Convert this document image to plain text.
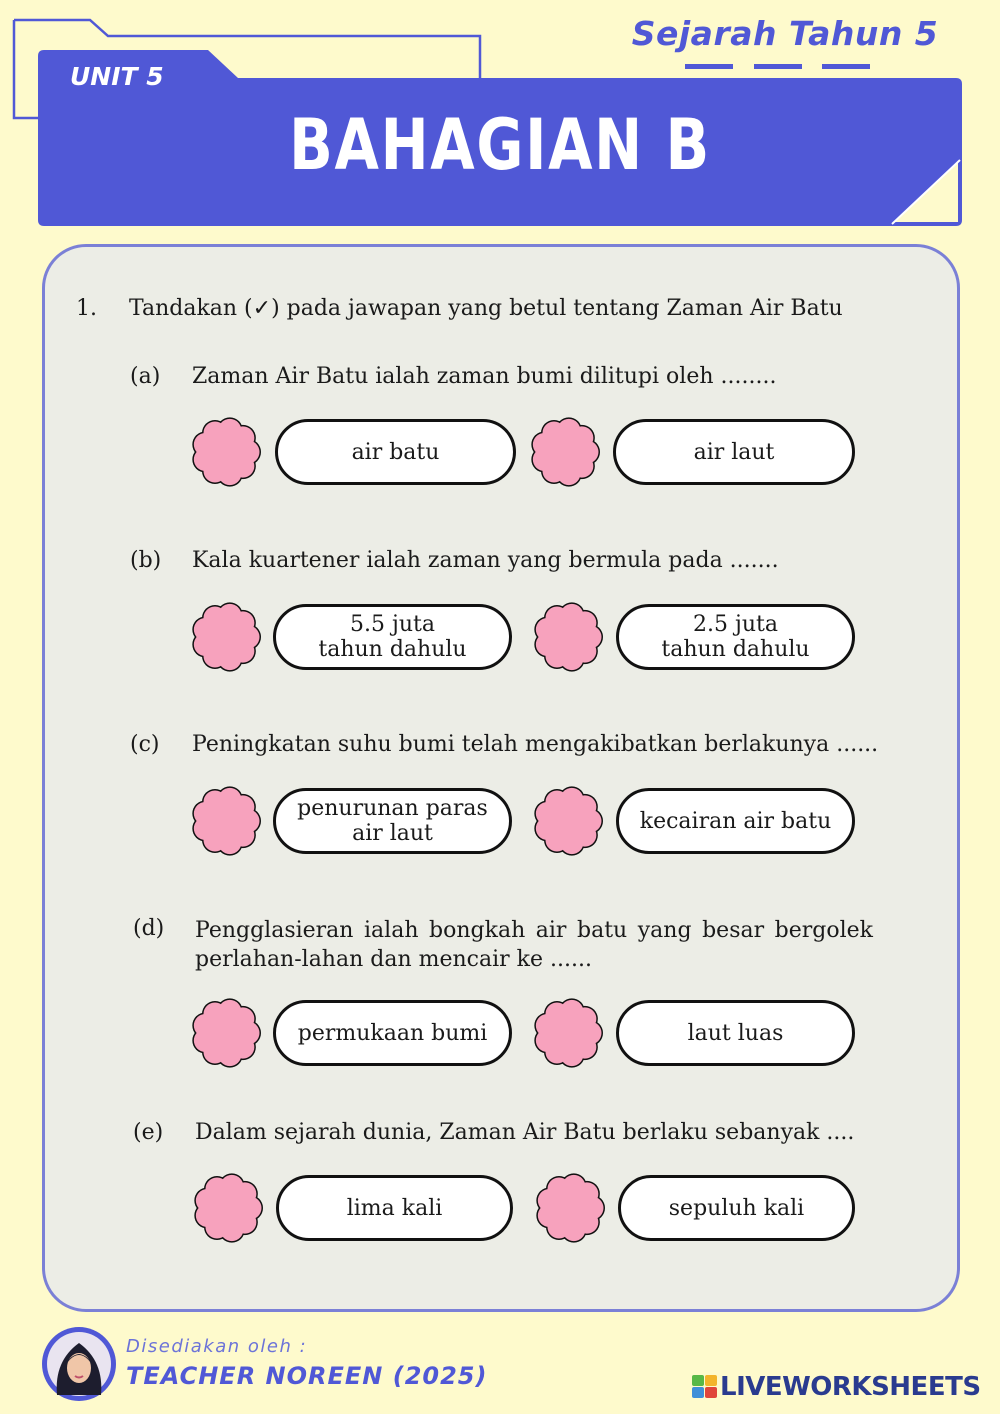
Sejarah Tahun 5
UNIT 5
BAHAGIAN B
1.	Tandakan (✓) pada jawapan yang betul tentang Zaman Air Batu
(a) Zaman Air Batu ialah zaman bumi dilitupi oleh ........
air batu	air laut
(b) Kala kuartener ialah zaman yang bermula pada .......
5.5 juta
tahun dahulu
2.5 juta
tahun dahulu
(c) Peningkatan suhu bumi telah mengakibatkan berlakunya ......
penurunan paras
air laut	kecairan air batu
(d) Pengglasieran ialah bongkah air batu yang besar bergolek perlahan-lahan dan mencair ke ......
permukaan bumi	laut luas
(e) Dalam sejarah dunia, Zaman Air Batu berlaku sebanyak ....
lima kali	sepuluh kali
Disediakan oleh :
TEACHER NOREEN (2025)	LIVEWORKSHEETS
